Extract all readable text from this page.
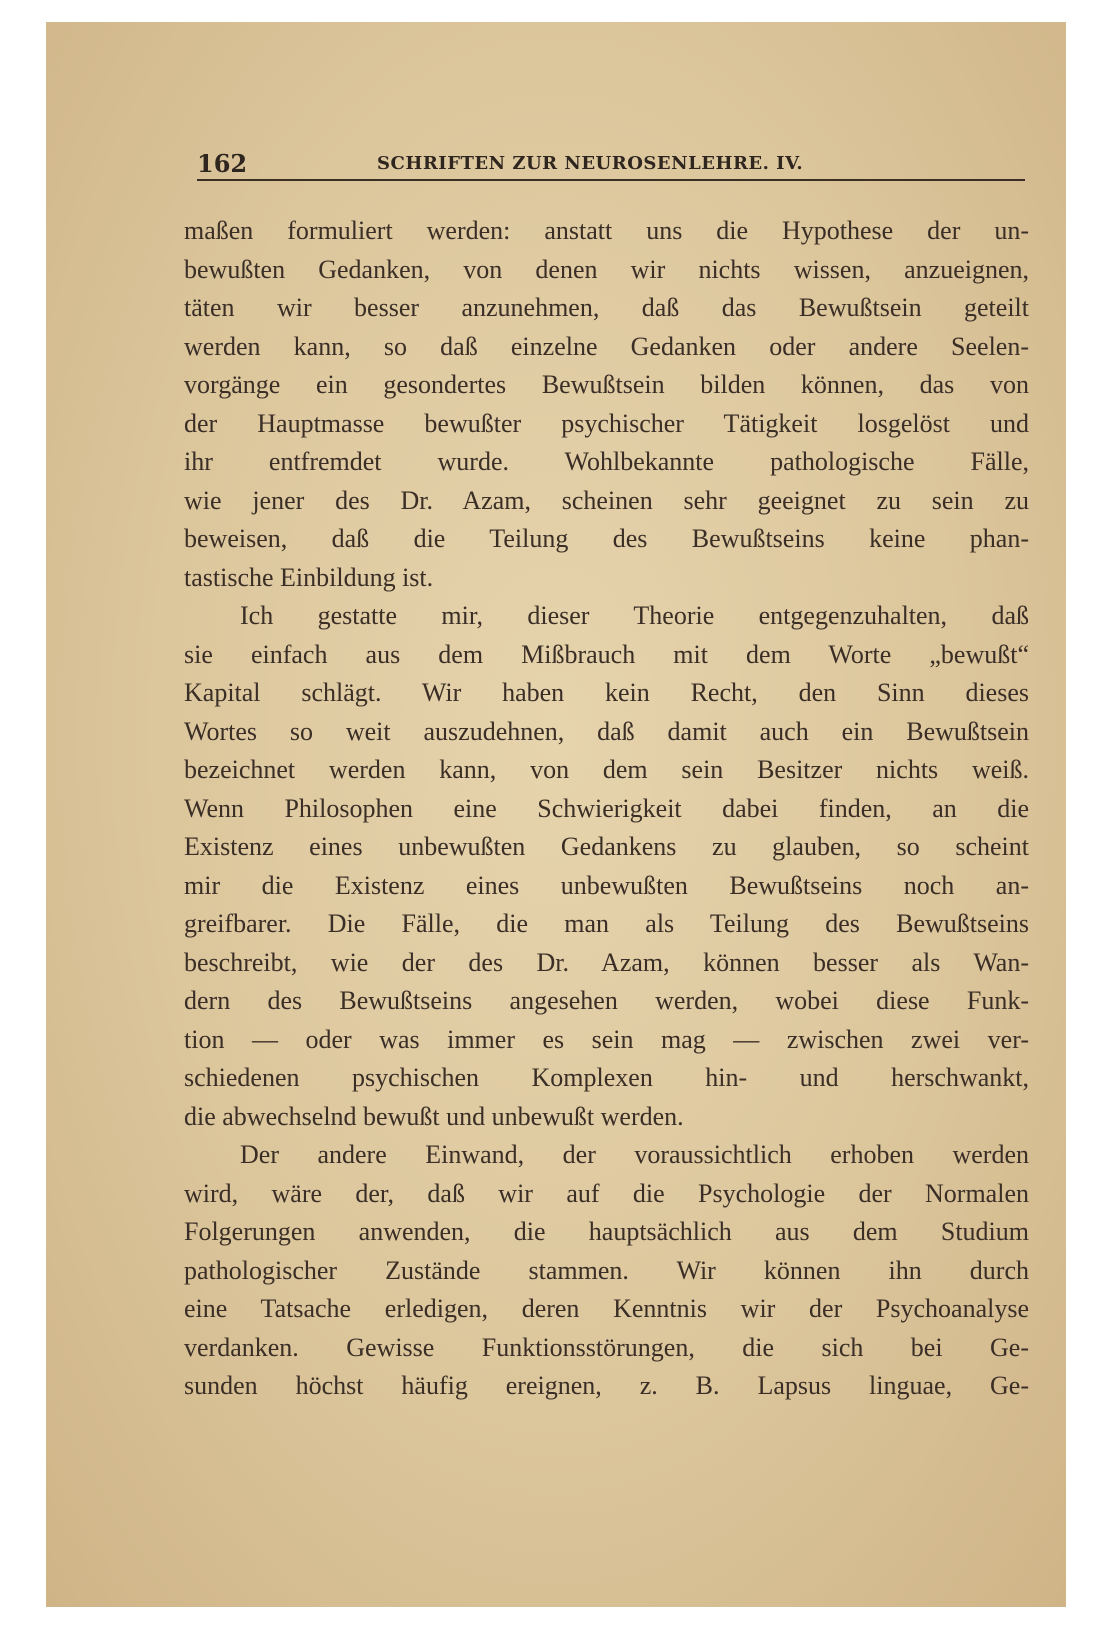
162	SCHRIFTEN ZUR NEUROSENLEHRE. IV.

maßen formuliert werden: anstatt uns die Hypothese der un-
bewußten Gedanken, von denen wir nichts wissen, anzueignen,
täten wir besser anzunehmen, daß das Bewußtsein geteilt
werden kann, so daß einzelne Gedanken oder andere Seelen-
vorgänge ein gesondertes Bewußtsein bilden können, das von
der Hauptmasse bewußter psychischer Tätigkeit losgelöst und
ihr entfremdet wurde. Wohlbekannte pathologische Fälle,
wie jener des Dr. Azam, scheinen sehr geeignet zu sein zu
beweisen, daß die Teilung des Bewußtseins keine phan-
tastische Einbildung ist.

Ich gestatte mir, dieser Theorie entgegenzuhalten, daß
sie einfach aus dem Mißbrauch mit dem Worte „bewußt“
Kapital schlägt. Wir haben kein Recht, den Sinn dieses
Wortes so weit auszudehnen, daß damit auch ein Bewußtsein
bezeichnet werden kann, von dem sein Besitzer nichts weiß.
Wenn Philosophen eine Schwierigkeit dabei finden, an die
Existenz eines unbewußten Gedankens zu glauben, so scheint
mir die Existenz eines unbewußten Bewußtseins noch an-
greifbarer. Die Fälle, die man als Teilung des Bewußtseins
beschreibt, wie der des Dr. Azam, können besser als Wan-
dern des Bewußtseins angesehen werden, wobei diese Funk-
tion — oder was immer es sein mag — zwischen zwei ver-
schiedenen psychischen Komplexen hin- und herschwankt,
die abwechselnd bewußt und unbewußt werden.

Der andere Einwand, der voraussichtlich erhoben werden
wird, wäre der, daß wir auf die Psychologie der Normalen
Folgerungen anwenden, die hauptsächlich aus dem Studium
pathologischer Zustände stammen. Wir können ihn durch
eine Tatsache erledigen, deren Kenntnis wir der Psychoanalyse
verdanken. Gewisse Funktionsstörungen, die sich bei Ge-
sunden höchst häufig ereignen, z. B. Lapsus linguae, Ge-
